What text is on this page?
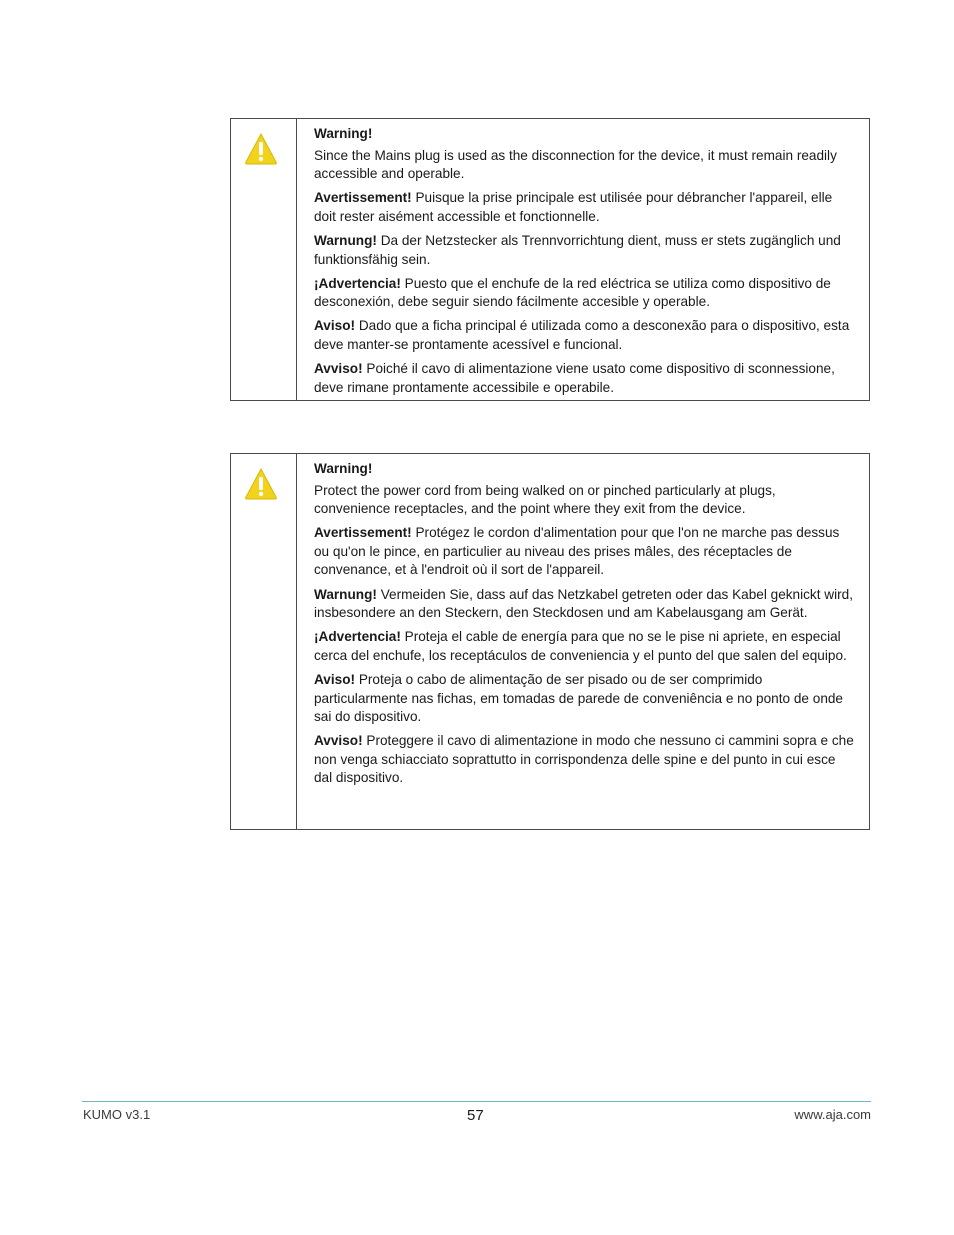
Warning!

Since the Mains plug is used as the disconnection for the device, it must remain readily accessible and operable.

Avertissement! Puisque la prise principale est utilisée pour débrancher l'appareil, elle doit rester aisément accessible et fonctionnelle.

Warnung! Da der Netzstecker als Trennvorrichtung dient, muss er stets zugänglich und funktionsfähig sein.

¡Advertencia! Puesto que el enchufe de la red eléctrica se utiliza como dispositivo de desconexión, debe seguir siendo fácilmente accesible y operable.

Aviso! Dado que a ficha principal é utilizada como a desconexão para o dispositivo, esta deve manter-se prontamente acessível e funcional.

Avviso! Poiché il cavo di alimentazione viene usato come dispositivo di sconnessione, deve rimane prontamente accessibile e operabile.

Warning!

Protect the power cord from being walked on or pinched particularly at plugs, convenience receptacles, and the point where they exit from the device.

Avertissement! Protégez le cordon d'alimentation pour que l'on ne marche pas dessus ou qu'on le pince, en particulier au niveau des prises mâles, des réceptacles de convenance, et à l'endroit où il sort de l'appareil.

Warnung! Vermeiden Sie, dass auf das Netzkabel getreten oder das Kabel geknickt wird, insbesondere an den Steckern, den Steckdosen und am Kabelausgang am Gerät.

¡Advertencia! Proteja el cable de energía para que no se le pise ni apriete, en especial cerca del enchufe, los receptáculos de conveniencia y el punto del que salen del equipo.

Aviso! Proteja o cabo de alimentação de ser pisado ou de ser comprimido particularmente nas fichas, em tomadas de parede de conveniência e no ponto de onde sai do dispositivo.

Avviso! Proteggere il cavo di alimentazione in modo che nessuno ci cammini sopra e che non venga schiacciato soprattutto in corrispondenza delle spine e del punto in cui esce dal dispositivo.

KUMO v3.1	57	www.aja.com
